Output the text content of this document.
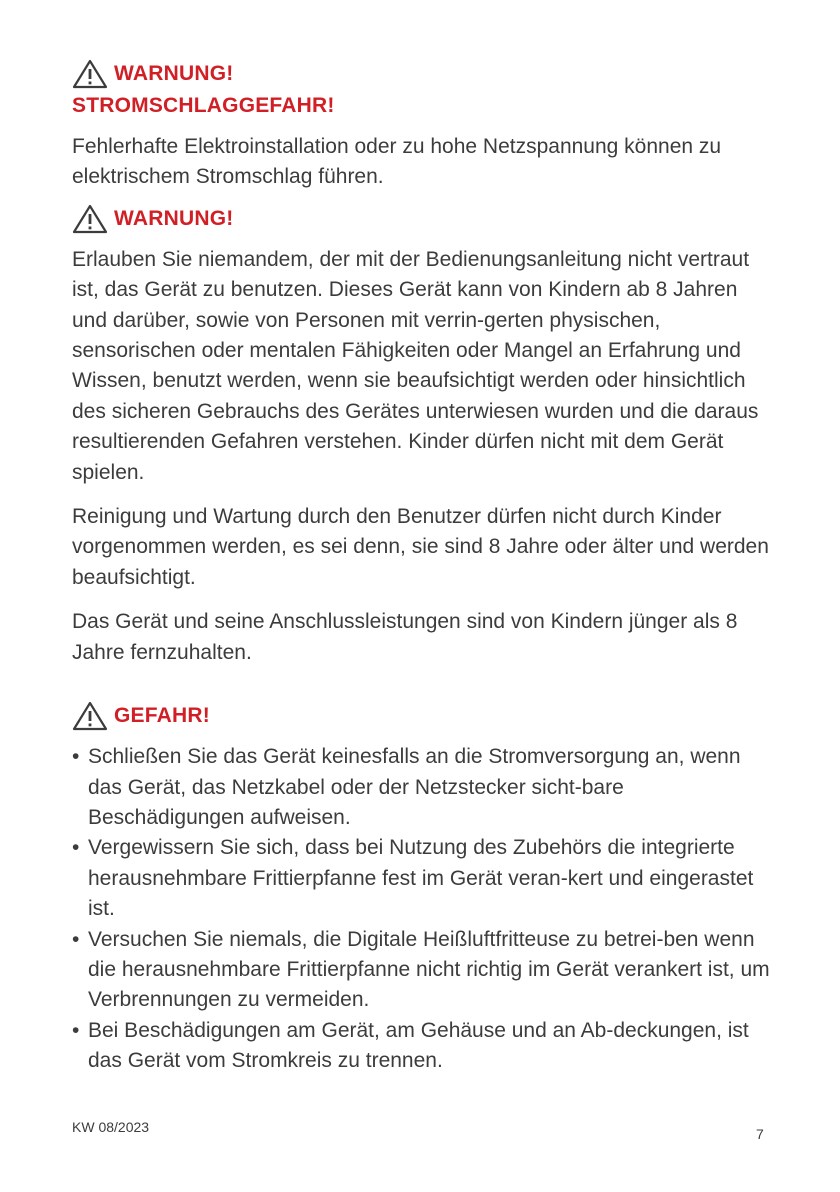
WARNUNG!
STROMSCHLAGGEFAHR!

Fehlerhafte Elektroinstallation oder zu hohe Netzspannung können zu elektrischem Stromschlag führen.

WARNUNG!

Erlauben Sie niemandem, der mit der Bedienungsanleitung nicht vertraut ist, das Gerät zu benutzen. Dieses Gerät kann von Kindern ab 8 Jahren und darüber, sowie von Personen mit verrin-gerten physischen, sensorischen oder mentalen Fähigkeiten oder Mangel an Erfahrung und Wissen, benutzt werden, wenn sie beaufsichtigt werden oder hinsichtlich des sicheren Gebrauchs des Gerätes unterwiesen wurden und die daraus resultierenden Gefahren verstehen. Kinder dürfen nicht mit dem Gerät spielen.

Reinigung und Wartung durch den Benutzer dürfen nicht durch Kinder vorgenommen werden, es sei denn, sie sind 8 Jahre oder älter und werden beaufsichtigt.

Das Gerät und seine Anschlussleistungen sind von Kindern jünger als 8 Jahre fernzuhalten.

GEFAHR!
• Schließen Sie das Gerät keinesfalls an die Stromversorgung an, wenn das Gerät, das Netzkabel oder der Netzstecker sicht-bare Beschädigungen aufweisen.
• Vergewissern Sie sich, dass bei Nutzung des Zubehörs die integrierte herausnehmbare Frittierpfanne fest im Gerät veran-kert und eingerastet ist.
• Versuchen Sie niemals, die Digitale Heißluftfritteuse zu betrei-ben wenn die herausnehmbare Frittierpfanne nicht richtig im Gerät verankert ist, um Verbrennungen zu vermeiden.
• Bei Beschädigungen am Gerät, am Gehäuse und an Ab-deckungen, ist das Gerät vom Stromkreis zu trennen.
KW 08/2023	7
